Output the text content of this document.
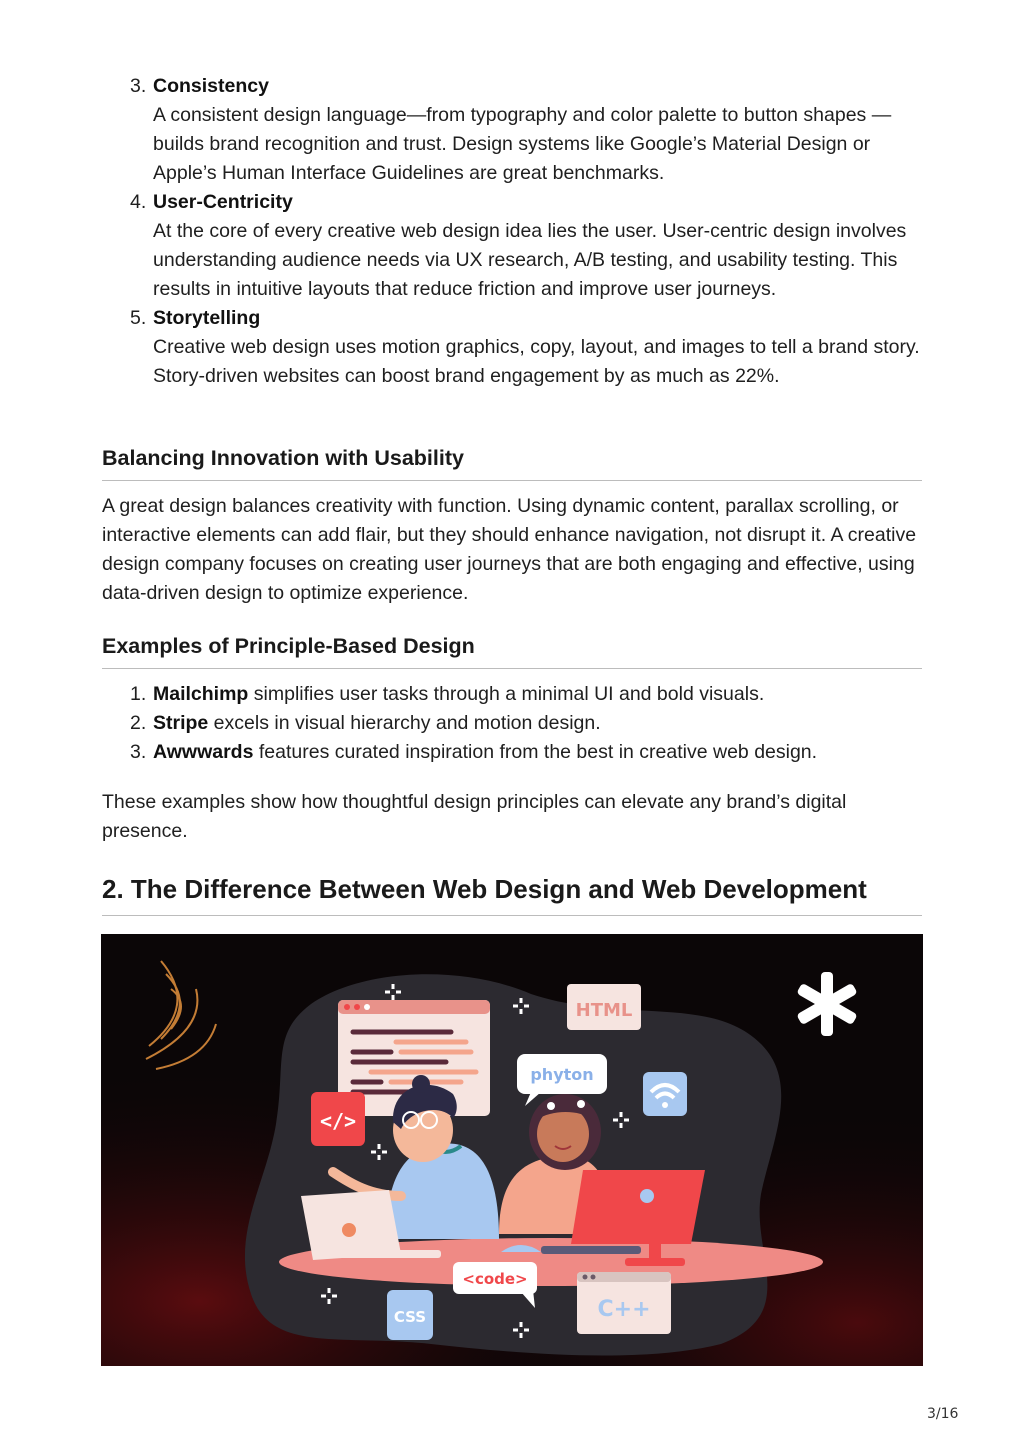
3. Consistency
A consistent design language—from typography and color palette to button shapes —builds brand recognition and trust. Design systems like Google’s Material Design or Apple’s Human Interface Guidelines are great benchmarks.
4. User-Centricity
At the core of every creative web design idea lies the user. User-centric design involves understanding audience needs via UX research, A/B testing, and usability testing. This results in intuitive layouts that reduce friction and improve user journeys.
5. Storytelling
Creative web design uses motion graphics, copy, layout, and images to tell a brand story. Story-driven websites can boost brand engagement by as much as 22%.
Balancing Innovation with Usability

A great design balances creativity with function. Using dynamic content, parallax scrolling, or interactive elements can add flair, but they should enhance navigation, not disrupt it. A creative design company focuses on creating user journeys that are both engaging and effective, using data-driven design to optimize experience.

Examples of Principle-Based Design
1. Mailchimp simplifies user tasks through a minimal UI and bold visuals.
2. Stripe excels in visual hierarchy and motion design.
3. Awwwards features curated inspiration from the best in creative web design.

These examples show how thoughtful design principles can elevate any brand’s digital presence.

2. The Difference Between Web Design and Web Development
HTML
phyton
</>
<code>
CSS	C++
3/16
